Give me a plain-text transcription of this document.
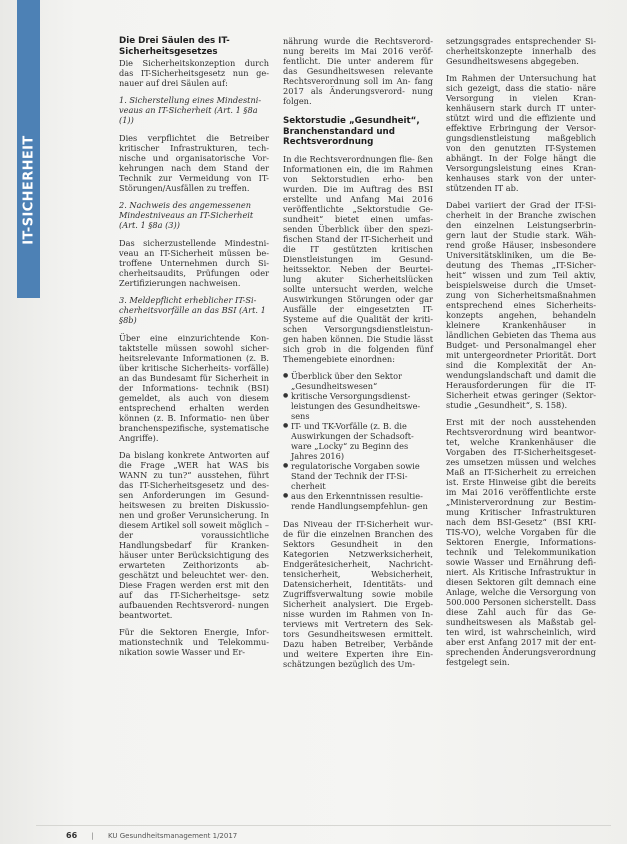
IT-SICHERHEIT

Die Drei Säulen des IT-Sicherheitsgesetzes

Die Sicherheitskonzeption durch das IT-Sicherheitsgesetz nun ge- nauer auf drei Säulen auf:

1. Sicherstellung eines Mindestni- veaus an IT-Sicherheit (Art. 1 §8a (1))

Dies verpflichtet die Betreiber kritischer Infrastrukturen, tech- nische und organisatorische Vor- kehrungen nach dem Stand der Technik zur Vermeidung von IT- Störungen/Ausfällen zu treffen.

2. Nachweis des angemessenen Mindestniveaus an IT-Sicherheit (Art. 1 §8a (3))

Das sicherzustellende Mindestni- veau an IT-Sicherheit müssen be- troffene Unternehmen durch Si- cherheitsaudits, Prüfungen oder Zertifizierungen nachweisen.

3. Meldepflicht erheblicher IT-Si- cherheitsvorfälle an das BSI (Art. 1 §8b)

Über eine einzurichtende Kon- taktstelle müssen sowohl sicher- heitsrelevante Informationen (z. B. über kritische Sicherheits- vorfälle) an das Bundesamt für Sicherheit in der Informations- technik (BSI) gemeldet, als auch von diesem entsprechend erhalten werden können (z. B. Informatio- nen über branchenspezifische, systematische Angriffe).

Da bislang konkrete Antworten auf die Frage „WER hat WAS bis WANN zu tun?“ ausstehen, führt das IT-Sicherheitsgesetz und des- sen Anforderungen im Gesund- heitswesen zu breiten Diskussio- nen und großer Verunsicherung. In diesem Artikel soll soweit möglich – der voraussichtliche Handlungsbedarf für Kranken- häuser unter Berücksichtigung des erwarteten Zeithorizonts ab- geschätzt und beleuchtet wer- den. Diese Fragen werden erst mit den auf das IT-Sicherheitsge- setz aufbauenden Rechtsverord- nungen beantwortet.

Für die Sektoren Energie, Infor- mationstechnik und Telekommu- nikation sowie Wasser und Er-

nährung wurde die Rechtsverord- nung bereits im Mai 2016 veröf- fentlicht. Die unter anderem für das Gesundheitswesen relevante Rechtsverordnung soll im An- fang 2017 als Änderungsverord- nung folgen.

Sektorstudie „Gesundheit“, Branchenstandard und Rechtsverordnung

In die Rechtsverordnungen flie- ßen Informationen ein, die im Rahmen von Sektorstudien erho- ben wurden. Die im Auftrag des BSI erstellte und Anfang Mai 2016 veröffentlichte „Sektorstudie Ge- sundheit“ bietet einen umfas- senden Überblick über den spezi- fischen Stand der IT-Sicherheit und die IT gestützten kritischen Dienstleistungen im Gesund- heitssektor. Neben der Beurtei- lung akuter Sicherheitslücken sollte untersucht werden, welche Auswirkungen Störungen oder gar Ausfälle der eingesetzten IT- Systeme auf die Qualität der kriti- schen Versorgungsdienstleistun- gen haben können. Die Studie lässt sich grob in die folgenden fünf Themengebiete einordnen:

● Überblick über den Sektor „Gesundheitswesen“
● kritische Versorgungsdienst- leistungen des Gesundheitswe- sens
● IT- und TK-Vorfälle (z. B. die Auswirkungen der Schadsoft- ware „Locky“ zu Beginn des Jahres 2016)
● regulatorische Vorgaben sowie Stand der Technik der IT-Si- cherheit
● aus den Erkenntnissen resultie- rende Handlungsempfehlun- gen

Das Niveau der IT-Sicherheit wur- de für die einzelnen Branchen des Sektors Gesundheit in den Kategorien Netzwerksicherheit, Endgerätesicherheit, Nachricht- tensicherheit, Websicherheit, Datensicherheit, Identitäts- und Zugriffsverwaltung sowie mobile Sicherheit analysiert. Die Ergeb- nisse wurden im Rahmen von In- terviews mit Vertretern des Sek- tors Gesundheitswesen ermittelt. Dazu haben Betreiber, Verbände und weitere Experten ihre Ein- schätzungen bezüglich des Um-

setzungsgrades entsprechender Si- cherheitskonzepte innerhalb des Gesundheitswesens abgegeben.

Im Rahmen der Untersuchung hat sich gezeigt, dass die statio- näre Versorgung in vielen Kran- kenhäusern stark durch IT unter- stützt wird und die effiziente und effektive Erbringung der Versor- gungsdienstleistung maßgeblich von den genutzten IT-Systemen abhängt. In der Folge hängt die Versorgungsleistung eines Kran- kenhauses stark von der unter- stützenden IT ab.

Dabei variiert der Grad der IT-Si- cherheit in der Branche zwischen den einzelnen Leistungserbrin- gern laut der Studie stark. Wäh- rend große Häuser, insbesondere Universitätskliniken, um die Be- deutung des Themas „IT-Sicher- heit“ wissen und zum Teil aktiv, beispielsweise durch die Umset- zung von Sicherheitsmaßnahmen entsprechend eines Sicherheits- konzepts angehen, behandeln kleinere Krankenhäuser in ländlichen Gebieten das Thema aus Budget- und Personalmangel eher mit untergeordneter Priorität. Dort sind die Komplexität der An- wendungslandschaft und damit die Herausforderungen für die IT- Sicherheit etwas geringer (Sektor- studie „Gesundheit“, S. 158).

Erst mit der noch ausstehenden Rechtsverordnung wird beantwor- tet, welche Krankenhäuser die Vorgaben des IT-Sicherheitsgeset- zes umsetzen müssen und welches Maß an IT-Sicherheit zu erreichen ist. Erste Hinweise gibt die bereits im Mai 2016 veröffentlichte erste „Ministerverordnung zur Bestim- mung Kritischer Infrastrukturen nach dem BSI-Gesetz“ (BSI KRI- TIS-VO), welche Vorgaben für die Sektoren Energie, Informations- technik und Telekommunikation sowie Wasser und Ernährung defi- niert. Als Kritische Infrastruktur in diesen Sektoren gilt demnach eine Anlage, welche die Versorgung von 500.000 Personen sicherstellt. Dass diese Zahl auch für das Ge- sundheitswesen als Maßstab gel- ten wird, ist wahrscheinlich, wird aber erst Anfang 2017 mit der ent- sprechenden Änderungsverordnung festgelegt sein.

66 | KU Gesundheitsmanagement 1/2017
